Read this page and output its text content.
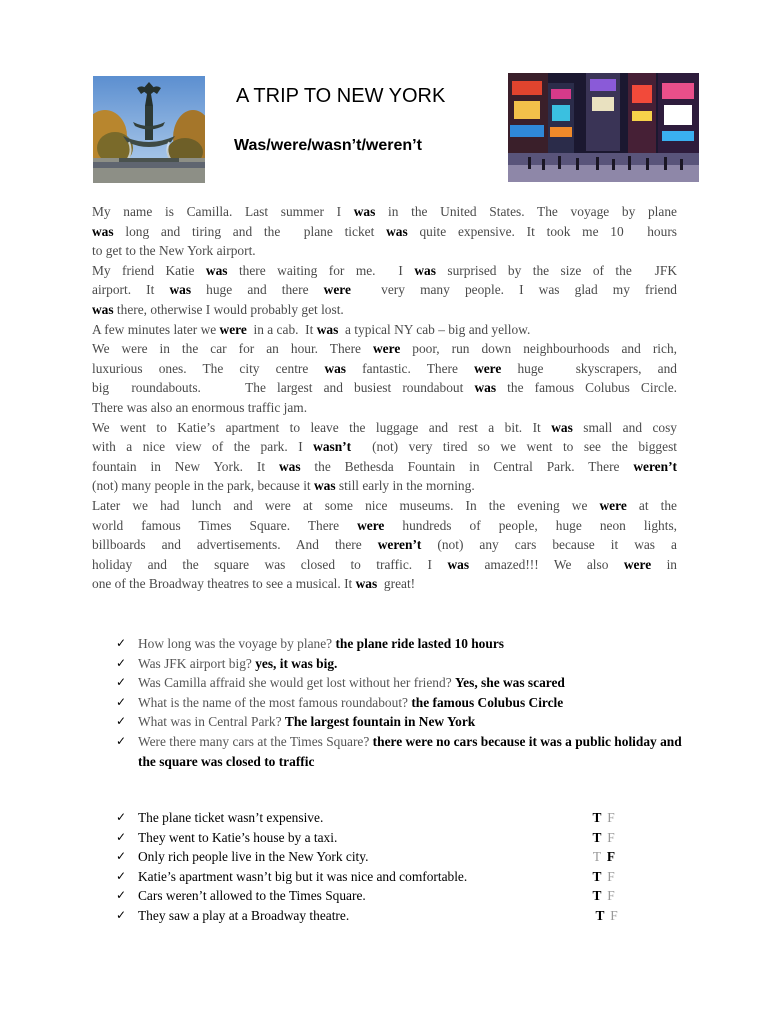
A TRIP TO NEW YORK
Was/were/wasn’t/weren’t
My name is Camilla. Last summer I was in the United States. The voyage by plane
was long and tiring and the  plane ticket was quite expensive. It took me 10  hours
to get to the New York airport.
My friend Katie was there waiting for me.  I was surprised by the size of the  JFK
airport. It was huge and there were  very many people. I was glad my friend
was there, otherwise I would probably get lost.
A few minutes later we were  in a cab.  It was  a typical NY cab – big and yellow.
We were in the car for an hour. There were poor, run down neighbourhoods and rich,
luxurious ones. The city centre was fantastic. There were huge  skyscrapers, and
big  roundabouts.    The largest and busiest roundabout was the famous Colubus Circle.
There was also an enormous traffic jam.
We went to Katie’s apartment to leave the luggage and rest a bit. It was small and cosy
with a nice view of the park. I wasn’t  (not) very tired so we went to see the biggest
fountain in New York. It was the Bethesda Fountain in Central Park. There weren’t
(not) many people in the park, because it was still early in the morning.
Later we had lunch and were at some nice museums. In the evening we were at the
world famous Times Square. There were hundreds of people, huge neon lights,
billboards and advertisements. And there weren’t (not) any cars because it was a
holiday and the square was closed to traffic. I was amazed!!! We also were in
one of the Broadway theatres to see a musical. It was  great!
✓ How long was the voyage by plane? the plane ride lasted 10 hours
✓ Was JFK airport big? yes, it was big.
✓ Was Camilla affraid she would get lost without her friend? Yes, she was scared
✓ What is the name of the most famous roundabout? the famous Colubus Circle
✓ What was in Central Park? The largest fountain in New York
✓ Were there many cars at the Times Square? there were no cars because it was a public holiday and the square was closed to traffic
✓ The plane ticket wasn’t expensive.	T F
✓ They went to Katie’s house by a taxi.	T F
✓ Only rich people live in the New York city.	T F
✓ Katie’s apartment wasn’t big but it was nice and comfortable.	T F
✓ Cars weren’t allowed to the Times Square.	T F
✓ They saw a play at a Broadway theatre.	T F
